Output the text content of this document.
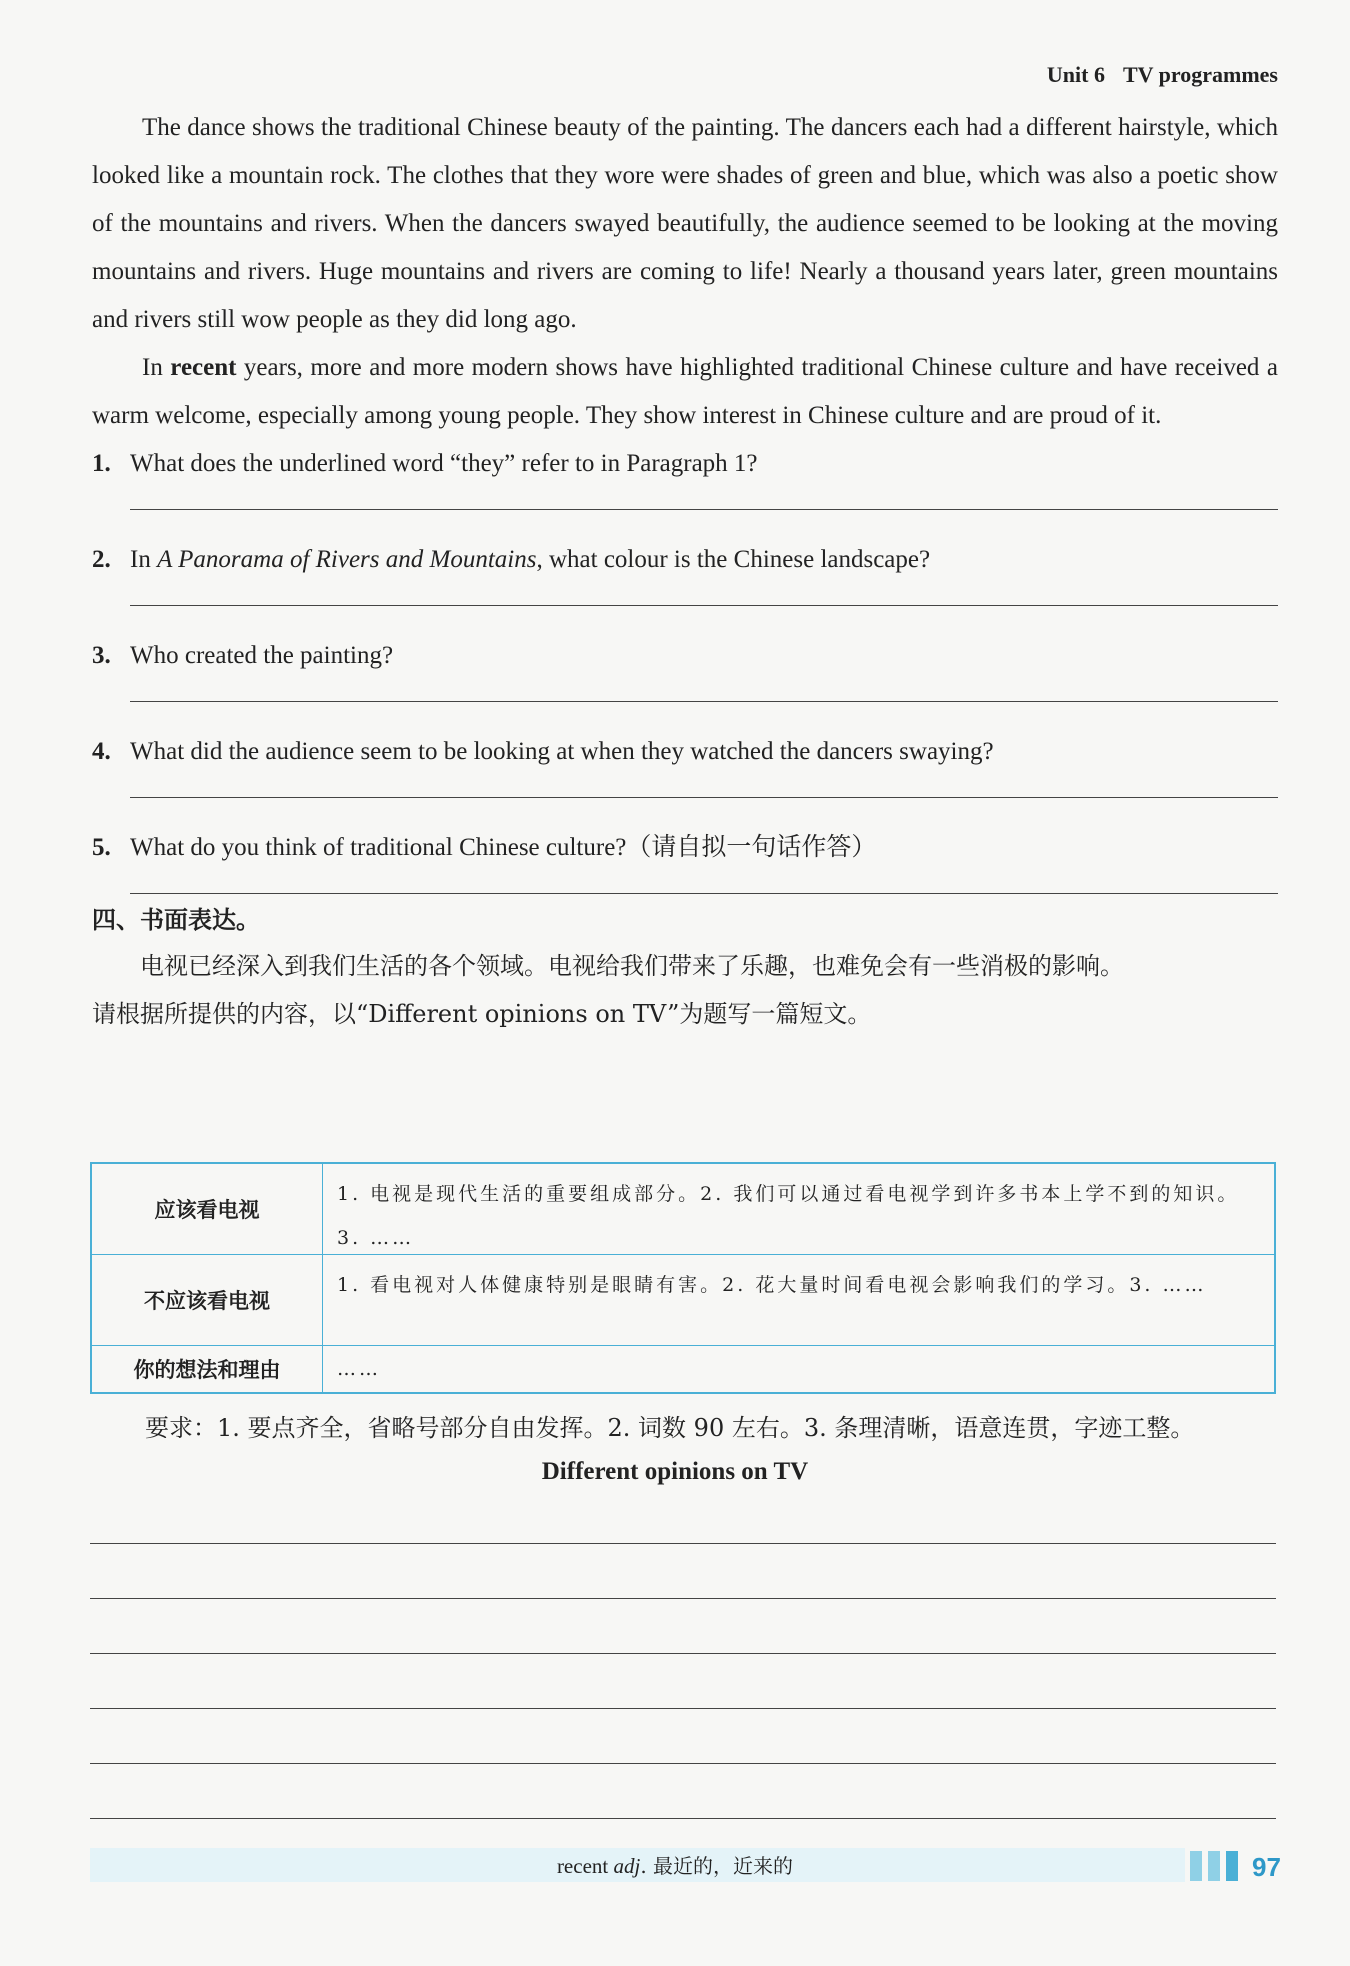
Unit 6 TV programmes

The dance shows the traditional Chinese beauty of the painting. The dancers each had a different hairstyle, which looked like a mountain rock. The clothes that they wore were shades of green and blue, which was also a poetic show of the mountains and rivers. When the dancers swayed beautifully, the audience seemed to be looking at the moving mountains and rivers. Huge mountains and rivers are coming to life! Nearly a thousand years later, green mountains and rivers still wow people as they did long ago.

In recent years, more and more modern shows have highlighted traditional Chinese culture and have received a warm welcome, especially among young people. They show interest in Chinese culture and are proud of it.

1. What does the underlined word “they” refer to in Paragraph 1?
2. In A Panorama of Rivers and Mountains, what colour is the Chinese landscape?
3. Who created the painting?
4. What did the audience seem to be looking at when they watched the dancers swaying?
5. What do you think of traditional Chinese culture?（请自拟一句话作答）
四、书面表达。
电视已经深入到我们生活的各个领域。电视给我们带来了乐趣，也难免会有一些消极的影响。
请根据所提供的内容，以“Different opinions on TV”为题写一篇短文。
应该看电视
1. 电视是现代生活的重要组成部分。2. 我们可以通过看电视学到许多书本上学不到的知识。3. ……
不应该看电视
1. 看电视对人体健康特别是眼睛有害。2. 花大量时间看电视会影响我们的学习。3. ……
你的想法和理由	……
要求：1. 要点齐全，省略号部分自由发挥。2. 词数 90 左右。3. 条理清晰，语意连贯，字迹工整。
Different opinions on TV
recent adj. 最近的，近来的	97
